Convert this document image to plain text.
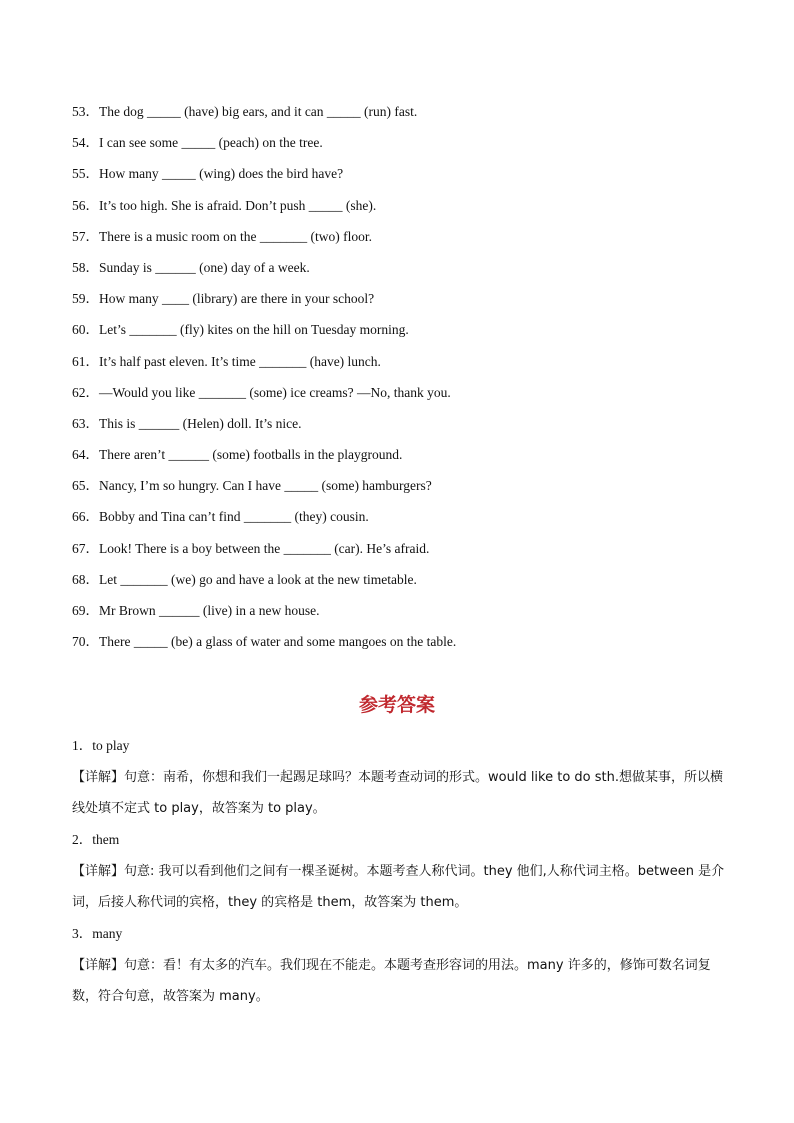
53．The dog _____ (have) big ears, and it can _____ (run) fast.
54．I can see some _____ (peach) on the tree.
55．How many _____ (wing) does the bird have?
56．It’s too high. She is afraid. Don’t push _____ (she).
57．There is a music room on the _______ (two) floor.
58．Sunday is ______ (one) day of a week.
59．How many ____ (library) are there in your school?
60．Let’s _______ (fly) kites on the hill on Tuesday morning.
61．It’s half past eleven. It’s time _______ (have) lunch.
62．—Would you like _______ (some) ice creams? —No, thank you.
63．This is ______ (Helen) doll. It’s nice.
64．There aren’t ______ (some) footballs in the playground.
65．Nancy, I’m so hungry. Can I have _____ (some) hamburgers?
66．Bobby and Tina can’t find _______ (they) cousin.
67．Look! There is a boy between the _______ (car). He’s afraid.
68．Let _______ (we) go and have a look at the new timetable.
69．Mr Brown ______ (live) in a new house.
70．There _____ (be) a glass of water and some mangoes on the table.
参考答案
1．to play
【详解】句意：南希，你想和我们一起踢足球吗？本题考查动词的形式。would like to do sth.想做某事，所以横线处填不定式 to play，故答案为 to play。
2．them
【详解】句意: 我可以看到他们之间有一棵圣诞树。本题考查人称代词。they 他们,人称代词主格。between 是介词，后接人称代词的宾格，they 的宾格是 them，故答案为 them。
3．many
【详解】句意：看！有太多的汽车。我们现在不能走。本题考查形容词的用法。many 许多的，修饰可数名词复数，符合句意，故答案为 many。
